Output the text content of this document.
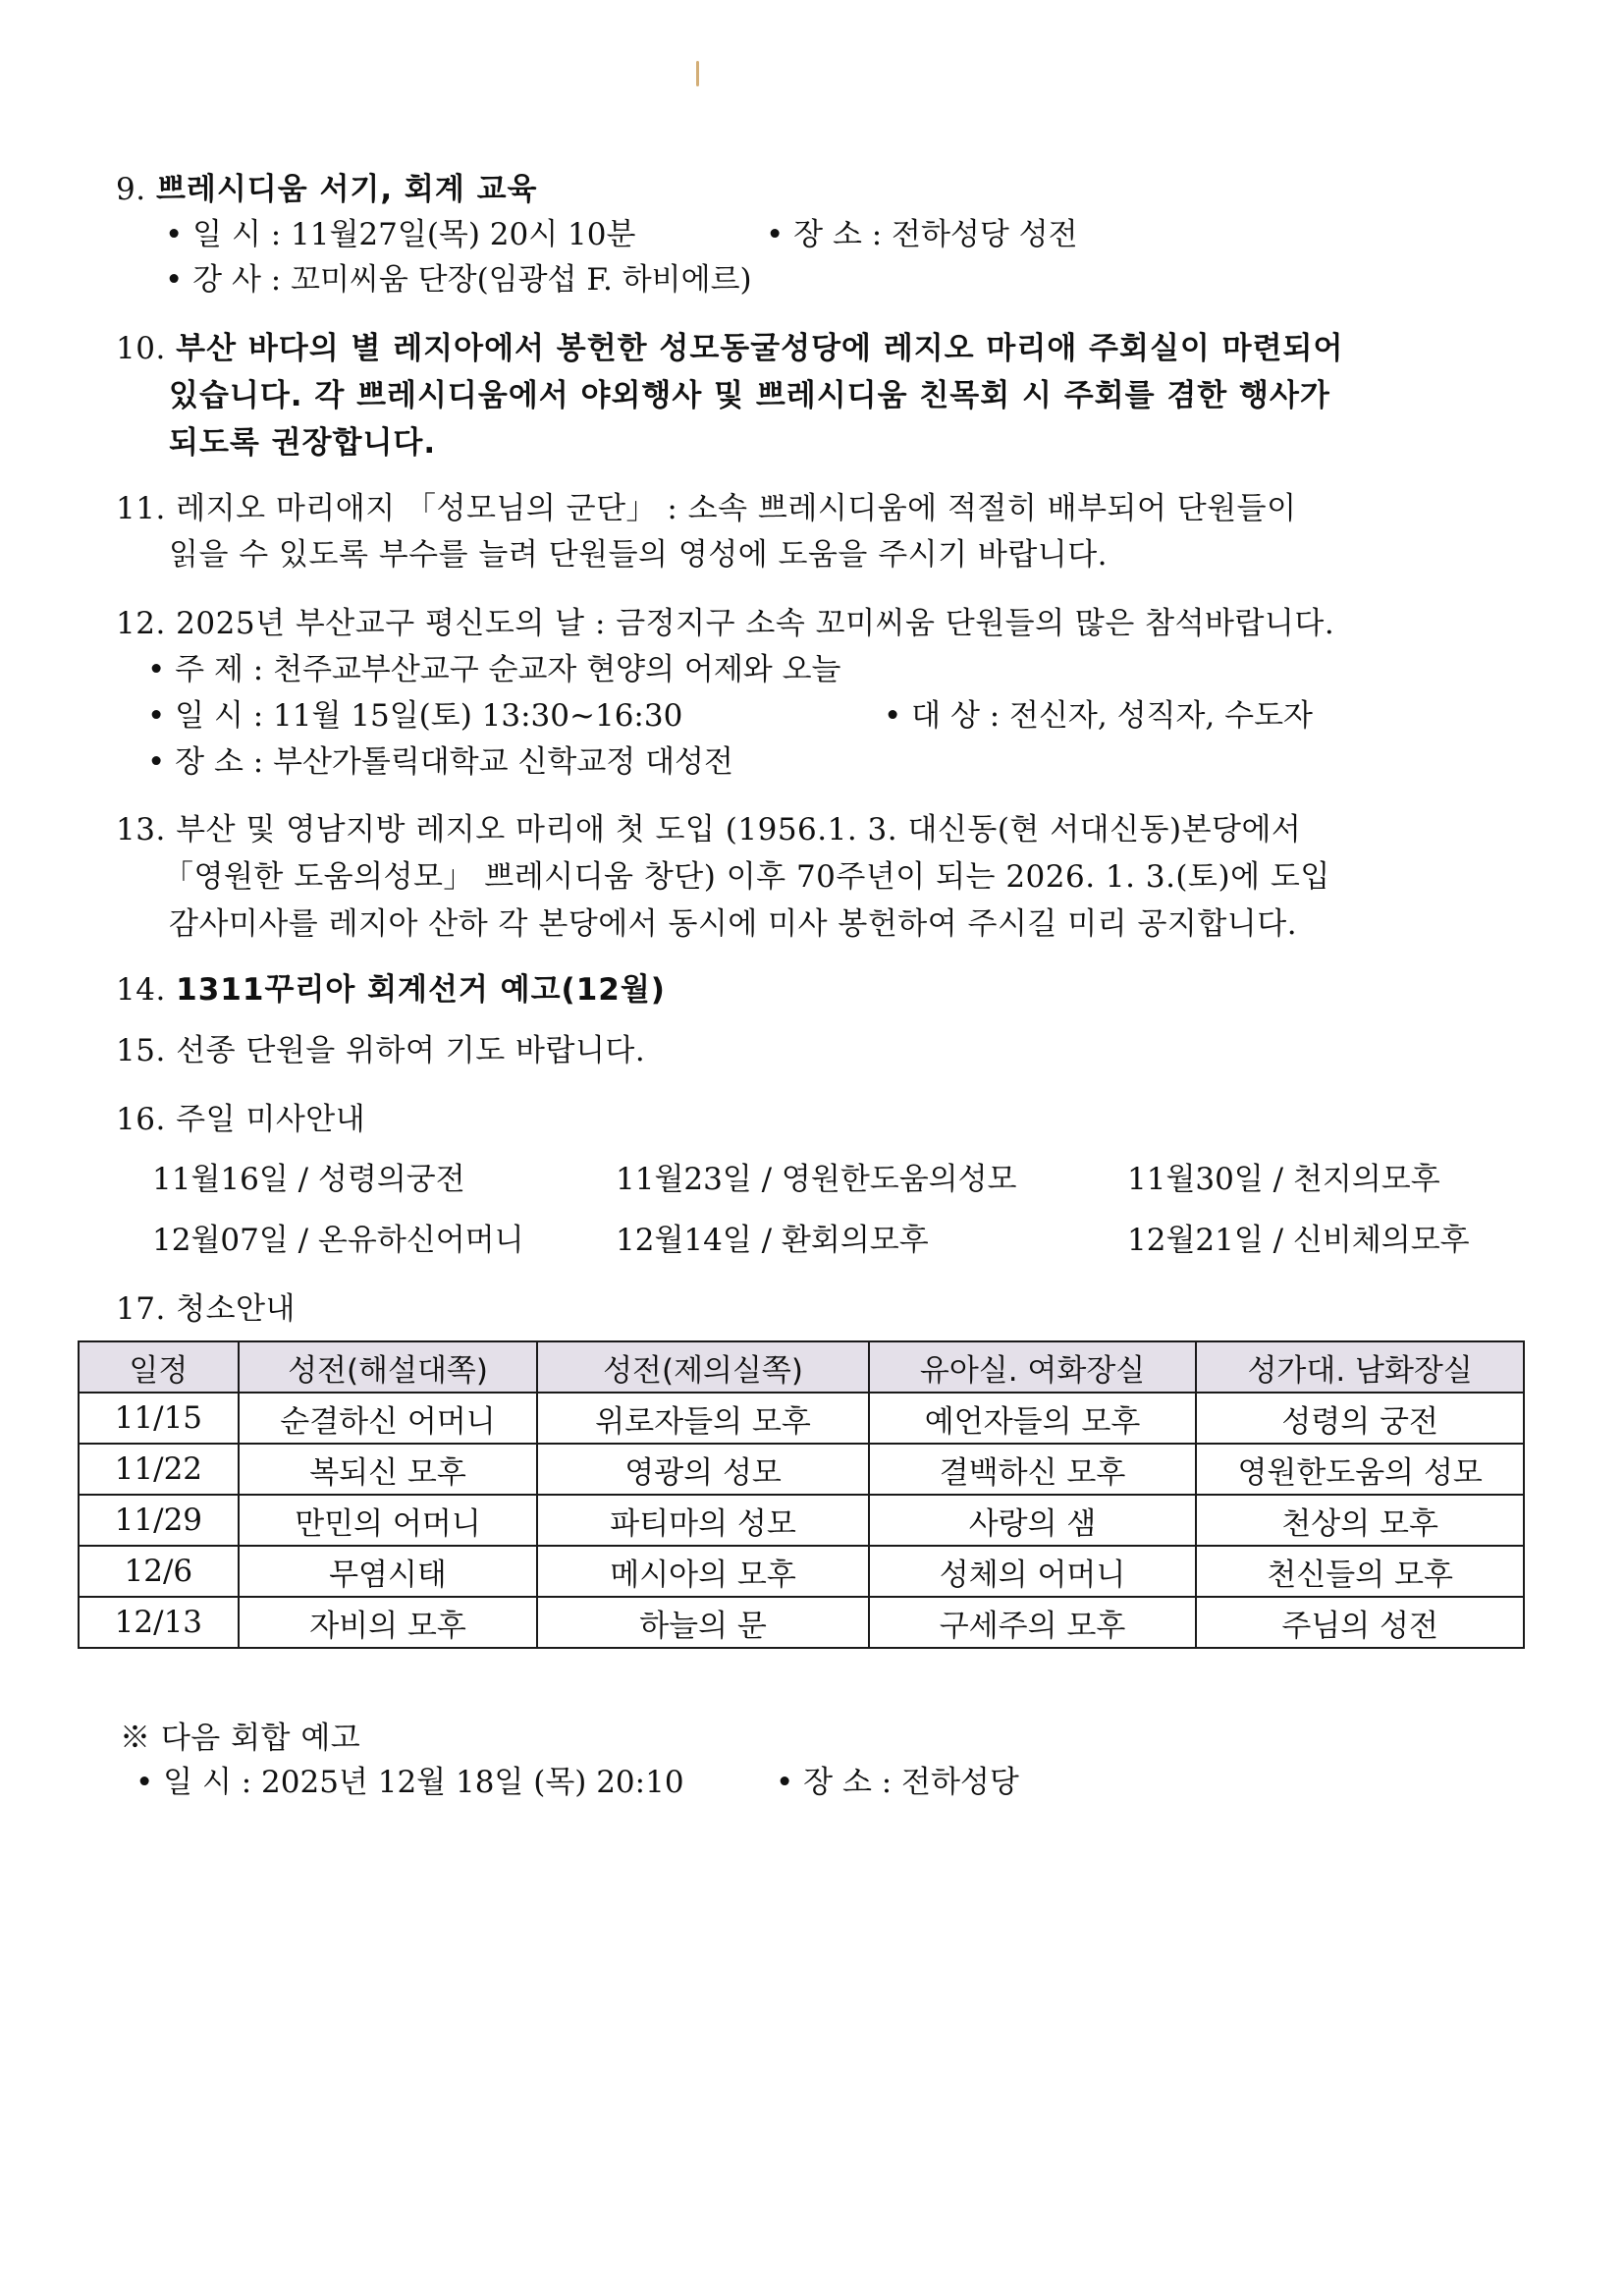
9. 쁘레시디움 서기, 회계 교육
• 일 시 : 11월27일(목) 20시 10분	• 장 소 : 전하성당 성전
• 강 사 : 꼬미씨움 단장(임광섭 F. 하비에르)
10. 부산 바다의 별 레지아에서 봉헌한 성모동굴성당에 레지오 마리애 주회실이 마련되어
있습니다. 각 쁘레시디움에서 야외행사 및 쁘레시디움 친목회 시 주회를 겸한 행사가
되도록 권장합니다.
11. 레지오 마리애지 「성모님의 군단」 : 소속 쁘레시디움에 적절히 배부되어 단원들이
읽을 수 있도록 부수를 늘려 단원들의 영성에 도움을 주시기 바랍니다.
12. 2025년 부산교구 평신도의 날 : 금정지구 소속 꼬미씨움 단원들의 많은 참석바랍니다.
• 주 제 : 천주교부산교구 순교자 현양의 어제와 오늘
• 일 시 : 11월 15일(토) 13:30~16:30	• 대 상 : 전신자, 성직자, 수도자
• 장 소 : 부산가톨릭대학교 신학교정 대성전
13. 부산 및 영남지방 레지오 마리애 첫 도입 (1956.1. 3. 대신동(현 서대신동)본당에서
「영원한 도움의성모」 쁘레시디움 창단) 이후 70주년이 되는 2026. 1. 3.(토)에 도입
감사미사를 레지아 산하 각 본당에서 동시에 미사 봉헌하여 주시길 미리 공지합니다.
14. 1311꾸리아 회계선거 예고(12월)
15. 선종 단원을 위하여 기도 바랍니다.
16. 주일 미사안내
11월16일 / 성령의궁전	11월23일 / 영원한도움의성모	11월30일 / 천지의모후
12월07일 / 온유하신어머니	12월14일 / 환회의모후	12월21일 / 신비체의모후
17. 청소안내
일정	성전(해설대쪽)	성전(제의실쪽)	유아실. 여화장실	성가대. 남화장실
11/15	순결하신 어머니	위로자들의 모후	예언자들의 모후	성령의 궁전
11/22	복되신 모후	영광의 성모	결백하신 모후	영원한도움의 성모
11/29	만민의 어머니	파티마의 성모	사랑의 샘	천상의 모후
12/6	무염시태	메시아의 모후	성체의 어머니	천신들의 모후
12/13	자비의 모후	하늘의 문	구세주의 모후	주님의 성전
※ 다음 회합 예고
• 일 시 : 2025년 12월 18일 (목) 20:10	• 장 소 : 전하성당
